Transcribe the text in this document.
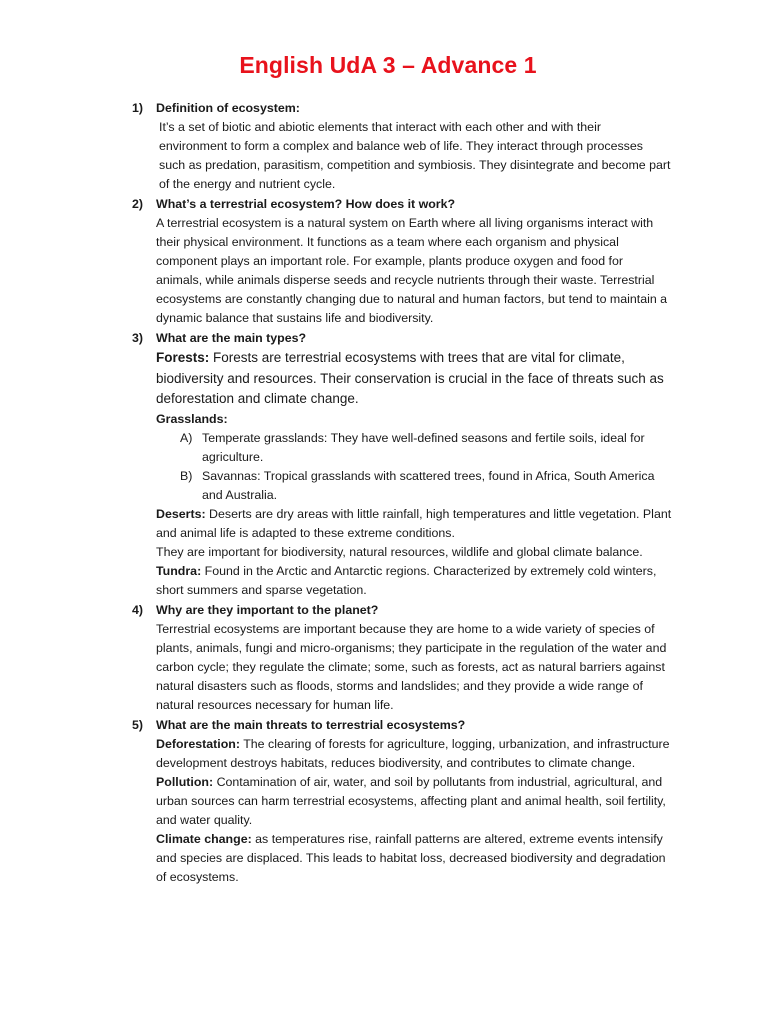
English UdA 3 – Advance 1
1) Definition of ecosystem:
It’s a set of biotic and abiotic elements that interact with each other and with their environment to form a complex and balance web of life. They interact through processes such as predation, parasitism, competition and symbiosis. They disintegrate and become part of the energy and nutrient cycle.
2) What’s a terrestrial ecosystem? How does it work?
A terrestrial ecosystem is a natural system on Earth where all living organisms interact with their physical environment. It functions as a team where each organism and physical component plays an important role. For example, plants produce oxygen and food for animals, while animals disperse seeds and recycle nutrients through their waste. Terrestrial ecosystems are constantly changing due to natural and human factors, but tend to maintain a dynamic balance that sustains life and biodiversity.
3) What are the main types?
Forests: Forests are terrestrial ecosystems with trees that are vital for climate, biodiversity and resources. Their conservation is crucial in the face of threats such as deforestation and climate change.
Grasslands:
A) Temperate grasslands: They have well-defined seasons and fertile soils, ideal for agriculture.
B) Savannas: Tropical grasslands with scattered trees, found in Africa, South America and Australia.
Deserts: Deserts are dry areas with little rainfall, high temperatures and little vegetation. Plant and animal life is adapted to these extreme conditions.
They are important for biodiversity, natural resources, wildlife and global climate balance.
Tundra: Found in the Arctic and Antarctic regions. Characterized by extremely cold winters, short summers and sparse vegetation.
4) Why are they important to the planet?
Terrestrial ecosystems are important because they are home to a wide variety of species of plants, animals, fungi and micro-organisms; they participate in the regulation of the water and carbon cycle; they regulate the climate; some, such as forests, act as natural barriers against natural disasters such as floods, storms and landslides; and they provide a wide range of natural resources necessary for human life.
5) What are the main threats to terrestrial ecosystems?
Deforestation: The clearing of forests for agriculture, logging, urbanization, and infrastructure development destroys habitats, reduces biodiversity, and contributes to climate change.
Pollution: Contamination of air, water, and soil by pollutants from industrial, agricultural, and urban sources can harm terrestrial ecosystems, affecting plant and animal health, soil fertility, and water quality.
Climate change: as temperatures rise, rainfall patterns are altered, extreme events intensify and species are displaced. This leads to habitat loss, decreased biodiversity and degradation of ecosystems.
